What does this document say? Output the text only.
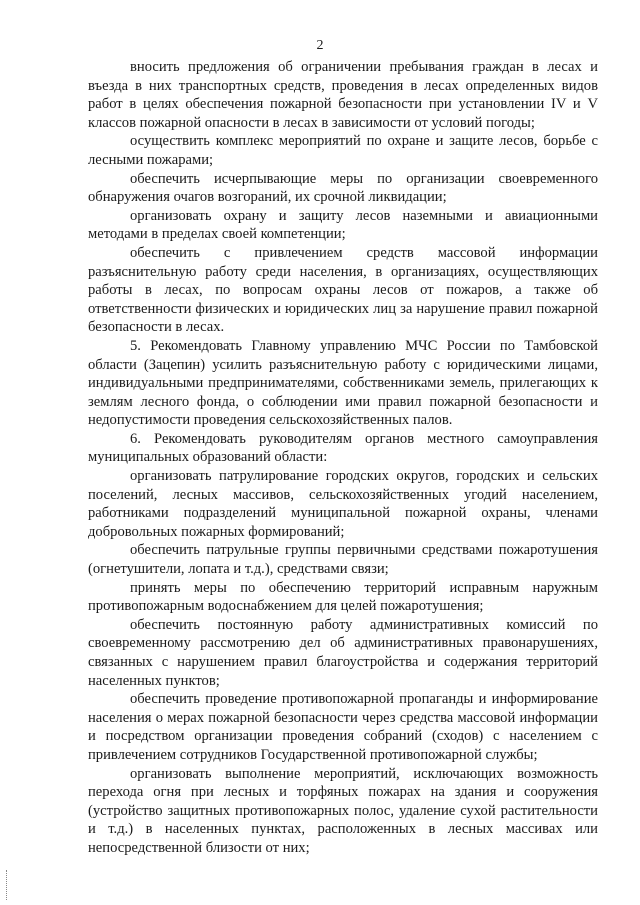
2

вносить предложения об ограничении пребывания граждан в лесах и въезда в них транспортных средств, проведения в лесах определенных видов работ в целях обеспечения пожарной безопасности при установлении IV и V классов пожарной опасности в лесах в зависимости от условий погоды;

осуществить комплекс мероприятий по охране и защите лесов, борьбе с лесными пожарами;

обеспечить исчерпывающие меры по организации своевременного обнаружения очагов возгораний, их срочной ликвидации;

организовать охрану и защиту лесов наземными и авиационными методами в пределах своей компетенции;

обеспечить с привлечением средств массовой информации разъяснительную работу среди населения, в организациях, осуществляющих работы в лесах, по вопросам охраны лесов от пожаров, а также об ответственности физических и юридических лиц за нарушение правил пожарной безопасности в лесах.

5. Рекомендовать Главному управлению МЧС России по Тамбовской области (Зацепин) усилить разъяснительную работу с юридическими лицами, индивидуальными предпринимателями, собственниками земель, прилегающих к землям лесного фонда, о соблюдении ими правил пожарной безопасности и недопустимости проведения сельскохозяйственных палов.

6. Рекомендовать руководителям органов местного самоуправления муниципальных образований области:

организовать патрулирование городских округов, городских и сельских поселений, лесных массивов, сельскохозяйственных угодий населением, работниками подразделений муниципальной пожарной охраны, членами добровольных пожарных формирований;

обеспечить патрульные группы первичными средствами пожаротушения (огнетушители, лопата и т.д.), средствами связи;

принять меры по обеспечению территорий исправным наружным противопожарным водоснабжением для целей пожаротушения;

обеспечить постоянную работу административных комиссий по своевременному рассмотрению дел об административных правонарушениях, связанных с нарушением правил благоустройства и содержания территорий населенных пунктов;

обеспечить проведение противопожарной пропаганды и информирование населения о мерах пожарной безопасности через средства массовой информации и посредством организации проведения собраний (сходов) с населением с привлечением сотрудников Государственной противопожарной службы;

организовать выполнение мероприятий, исключающих возможность перехода огня при лесных и торфяных пожарах на здания и сооружения (устройство защитных противопожарных полос, удаление сухой растительности и т.д.) в населенных пунктах, расположенных в лесных массивах или непосредственной близости от них;
